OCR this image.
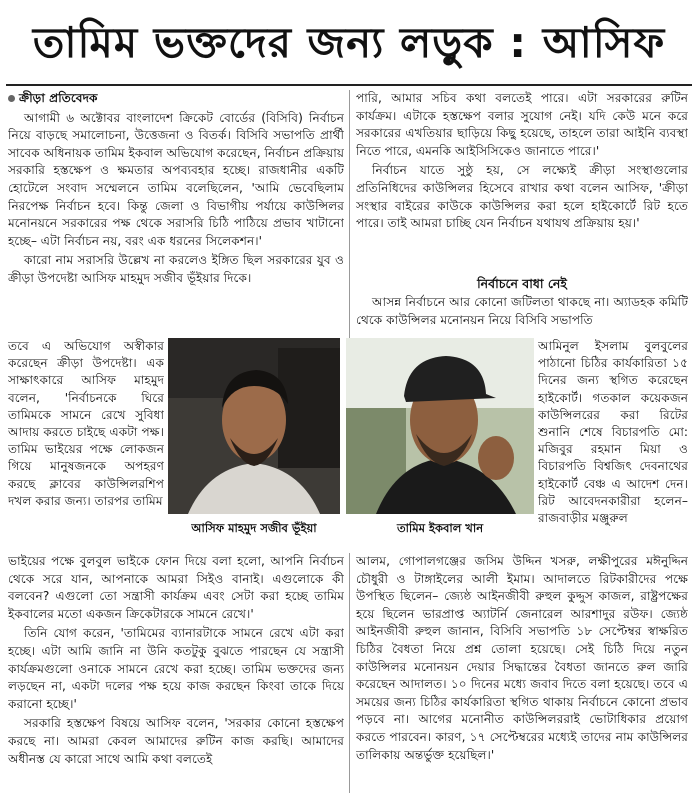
তামিম ভক্তদের জন্য লড়ুক : আসিফ

ক্রীড়া প্রতিবেদক

আগামী ৬ অক্টোবর বাংলাদেশ ক্রিকেট বোর্ডের (বিসিবি) নির্বাচন নিয়ে বাড়ছে সমালোচনা, উত্তেজনা ও বিতর্ক। বিসিবি সভাপতি প্রার্থী সাবেক অধিনায়ক তামিম ইকবাল অভিযোগ করেছেন, নির্বাচন প্রক্রিয়ায় সরকারি হস্তক্ষেপ ও ক্ষমতার অপব্যবহার হচ্ছে। রাজধানীর একটি হোটেলে সংবাদ সম্মেলনে তামিম বলেছিলেন, 'আমি ভেবেছিলাম নিরপেক্ষ নির্বাচন হবে। কিন্তু জেলা ও বিভাগীয় পর্যায়ে কাউন্সিলর মনোনয়নে সরকারের পক্ষ থেকে সরাসরি চিঠি পাঠিয়ে প্রভাব খাটানো হচ্ছে– এটা নির্বাচন নয়, বরং এক ধরনের সিলেকশন।'

কারো নাম সরাসরি উল্লেখ না করলেও ইঙ্গিত ছিল সরকারের যুব ও ক্রীড়া উপদেষ্টা আসিফ মাহমুদ সজীব ভূঁইয়ার দিকে।

পারি, আমার সচিব কথা বলতেই পারে। এটা সরকারের রুটিন কার্যক্রম। এটাকে হস্তক্ষেপ বলার সুযোগ নেই। যদি কেউ মনে করে সরকারের এখতিয়ার ছাড়িয়ে কিছু হয়েছে, তাহলে তারা আইনি ব্যবস্থা নিতে পারে, এমনকি আইসিসিকেও জানাতে পারে।'

নির্বাচন যাতে সুষ্ঠু হয়, সে লক্ষ্যেই ক্রীড়া সংস্থাগুলোর প্রতিনিধিদের কাউন্সিলর হিসেবে রাখার কথা বলেন আসিফ, 'ক্রীড়া সংস্থার বাইরের কাউকে কাউন্সিলর করা হলে হাইকোর্টে রিট হতে পারে। তাই আমরা চাচ্ছি যেন নির্বাচন যথাযথ প্রক্রিয়ায় হয়।'

নির্বাচনে বাধা নেই

আসন্ন নির্বাচনে আর কোনো জটিলতা থাকছে না। অ্যাডহক কমিটি থেকে কাউন্সিলর মনোনয়ন নিয়ে বিসিবি সভাপতি

তবে এ অভিযোগ অস্বীকার করেছেন ক্রীড়া উপদেষ্টা। এক সাক্ষাৎকারে আসিফ মাহমুদ বলেন, 'নির্বাচনকে ঘিরে তামিমকে সামনে রেখে সুবিধা আদায় করতে চাইছে একটা পক্ষ। তামিম ভাইয়ের পক্ষে লোকজন গিয়ে মানুষজনকে অপহরণ করছে ক্লাবের কাউন্সিলরশিপ দখল করার জন্য। তারপর তামিম

আসিফ মাহমুদ সজীব ভূঁইয়া	তামিম ইকবাল খান

আমিনুল ইসলাম বুলবুলের পাঠানো চিঠির কার্যকারিতা ১৫ দিনের জন্য স্থগিত করেছেন হাইকোর্ট। গতকাল কয়েকজন কাউন্সিলরের করা রিটের শুনানি শেষে বিচারপতি মো: মজিবুর রহমান মিয়া ও বিচারপতি বিশ্বজিৎ দেবনাথের হাইকোর্ট বেঞ্চ এ আদেশ দেন। রিট আবেদনকারীরা হলেন– রাজবাড়ীর মঞ্জুরুল

ভাইয়ের পক্ষে বুলবুল ভাইকে ফোন দিয়ে বলা হলো, আপনি নির্বাচন থেকে সরে যান, আপনাকে আমরা সিইও বানাই। এগুলোকে কী বলবেন? এগুলো তো সন্ত্রাসী কার্যক্রম এবং সেটা করা হচ্ছে তামিম ইকবালের মতো একজন ক্রিকেটারকে সামনে রেখে।'

তিনি যোগ করেন, 'তামিমের ব্যানারটাকে সামনে রেখে এটা করা হচ্ছে। এটা আমি জানি না উনি কতটুকু বুঝতে পারছেন যে সন্ত্রাসী কার্যক্রমগুলো ওনাকে সামনে রেখে করা হচ্ছে। তামিম ভক্তদের জন্য লড়ছেন না, একটা দলের পক্ষ হয়ে কাজ করছেন কিংবা তাকে দিয়ে করানো হচ্ছে।'

সরকারি হস্তক্ষেপ বিষয়ে আসিফ বলেন, 'সরকার কোনো হস্তক্ষেপ করছে না। আমরা কেবল আমাদের রুটিন কাজ করছি। আমাদের অধীনস্ত যে কারো সাথে আমি কথা বলতেই

আলম, গোপালগঞ্জের জসিম উদ্দিন খসরু, লক্ষীপুরের মঈনুদ্দিন চৌধুরী ও টাঙ্গাইলের আলী ইমাম। আদালতে রিটকারীদের পক্ষে উপস্থিত ছিলেন– জ্যেষ্ঠ আইনজীবী রুহুল কুদ্দুস কাজল, রাষ্ট্রপক্ষের হয়ে ছিলেন ভারপ্রাপ্ত অ্যাটর্নি জেনারেল আরশাদুর রউফ। জ্যেষ্ঠ আইনজীবী রুহুল জানান, বিসিবি সভাপতি ১৮ সেপ্টেম্বর স্বাক্ষরিত চিঠির বৈধতা নিয়ে প্রশ্ন তোলা হয়েছে। সেই চিঠি দিয়ে নতুন কাউন্সিলর মনোনয়ন দেয়ার সিদ্ধান্তের বৈধতা জানতে রুল জারি করেছেন আদালত। ১০ দিনের মধ্যে জবাব দিতে বলা হয়েছে। তবে এ সময়ের জন্য চিঠির কার্যকারিতা স্থগিত থাকায় নির্বাচনে কোনো প্রভাব পড়বে না। আগের মনোনীত কাউন্সিলররাই ভোটাধিকার প্রয়োগ করতে পারবেন। কারণ, ১৭ সেপ্টেম্বরের মধ্যেই তাদের নাম কাউন্সিলর তালিকায় অন্তর্ভুক্ত হয়েছিল।'
